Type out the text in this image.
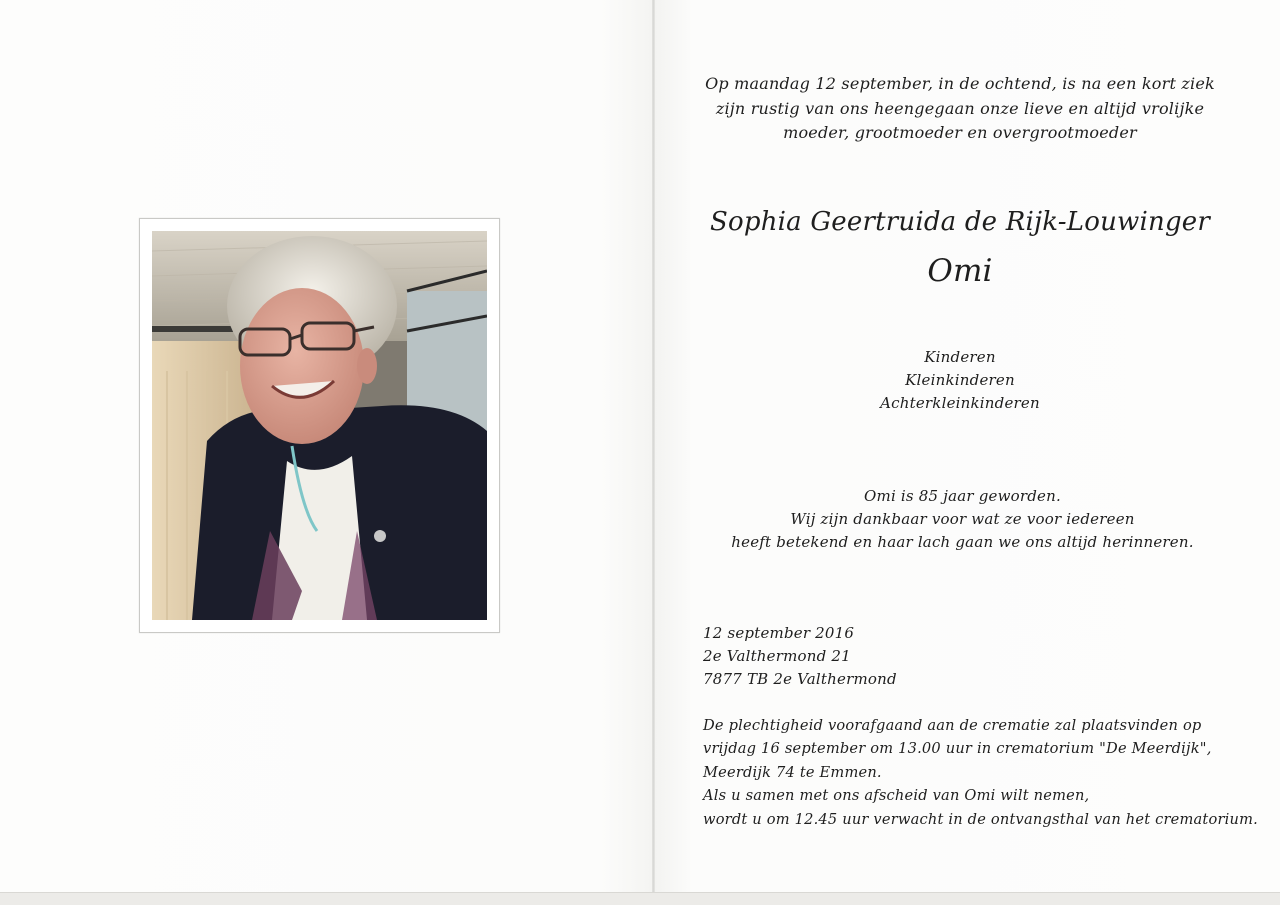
Op maandag 12 september, in de ochtend, is na een kort ziek

zijn rustig van ons heengegaan onze lieve en altijd vrolijke

moeder, grootmoeder en overgrootmoeder

Sophia Geertruida de Rijk-Louwinger
Omi
Kinderen
Kleinkinderen
Achterkleinkinderen
Omi is 85 jaar geworden.
Wij zijn dankbaar voor wat ze voor iedereen
heeft betekend en haar lach gaan we ons altijd herinneren.
12 september 2016
2e Valthermond 21
7877 TB 2e Valthermond
De plechtigheid voorafgaand aan de crematie zal plaatsvinden op
vrijdag 16 september om 13.00 uur in crematorium "De Meerdijk",
Meerdijk 74 te Emmen.
Als u samen met ons afscheid van Omi wilt nemen,
wordt u om 12.45 uur verwacht in de ontvangsthal van het crematorium.
